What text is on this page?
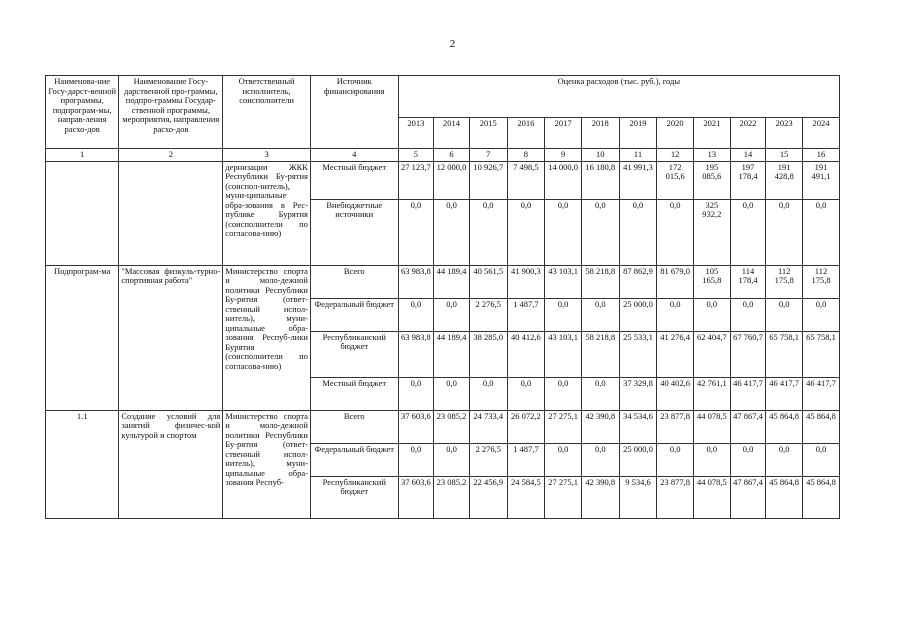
2
Наименова-ние Госу-дарст-венной программы, подпрограм-мы, направ-ления расхо-дов	Наименование Госу-дарственной про-граммы, подпро-граммы Государ-ственной программы, мероприятия, направления расхо-дов	Ответственный исполнитель, соисполнители	Источник финансирования	Оценка расходов (тыс. руб.), годы											
				2013	2014	2015	2016	2017	2018	2019	2020	2021	2022	2023	2024
1	2	3	4	5	6	7	8	9	10	11	12	13	14	15	16
		дернизации ЖКК Республики Бу-рятия (соиспол-нитель), муни-ципальные обра-зования в Рес-публике Бурятия (соисполнители по согласова-нию)	Местный бюджет	27 123,7	12 000,0	10 926,7	7 498,5	14 000,0	16 180,8	41 991,3	172 015,6	195 085,6	197 178,4	191 428,8	191 491,1
			Внебюджетные источники	0,0	0,0	0,0	0,0	0,0	0,0	0,0	0,0	325 932,2	0,0	0,0	0,0
Подпрограм-ма	"Массовая физкуль-турно-спортивная работа"	Министерство спорта и моло-дежной политики Республики Бу-рятия (ответ-ственный испол-нитель), муни-ципальные обра-зования Респуб-лики Бурятия (соисполнители по согласова-нию)	Всего	63 983,8	44 189,4	40 561,5	41 900,3	43 103,1	58 218,8	87 862,9	81 679,0	105 165,8	114 178,4	112 175,8	112 175,8
			Федеральный бюджет	0,0	0,0	2 276,5	1 487,7	0,0	0,0	25 000,0	0,0	0,0	0,0	0,0	0,0
			Республиканский бюджет	63 983,8	44 189,4	38 285,0	40 412,6	43 103,1	58 218,8	25 533,1	41 276,4	62 404,7	67 760,7	65 758,1	65 758,1
			Местный бюджет	0,0	0,0	0,0	0,0	0,0	0,0	37 329,8	40 402,6	42 761,1	46 417,7	46 417,7	46 417,7
1.1	Создание условий для занятий физичес-кой культурой и спортом	Министерство спорта и моло-дежной политики Республики Бу-рятия (ответ-ственный испол-нитель), муни-ципальные обра-зования Респуб-	Всего	37 603,6	23 085,2	24 733,4	26 072,2	27 275,1	42 390,8	34 534,6	23 877,8	44 078,5	47 867,4	45 864,8	45 864,8
			Федеральный бюджет	0,0	0,0	2 276,5	1 487,7	0,0	0,0	25 000,0	0,0	0,0	0,0	0,0	0,0
			Республиканский бюджет	37 603,6	23 085,2	22 456,9	24 584,5	27 275,1	42 390,8	9 534,6	23 877,8	44 078,5	47 867,4	45 864,8	45 864,8
